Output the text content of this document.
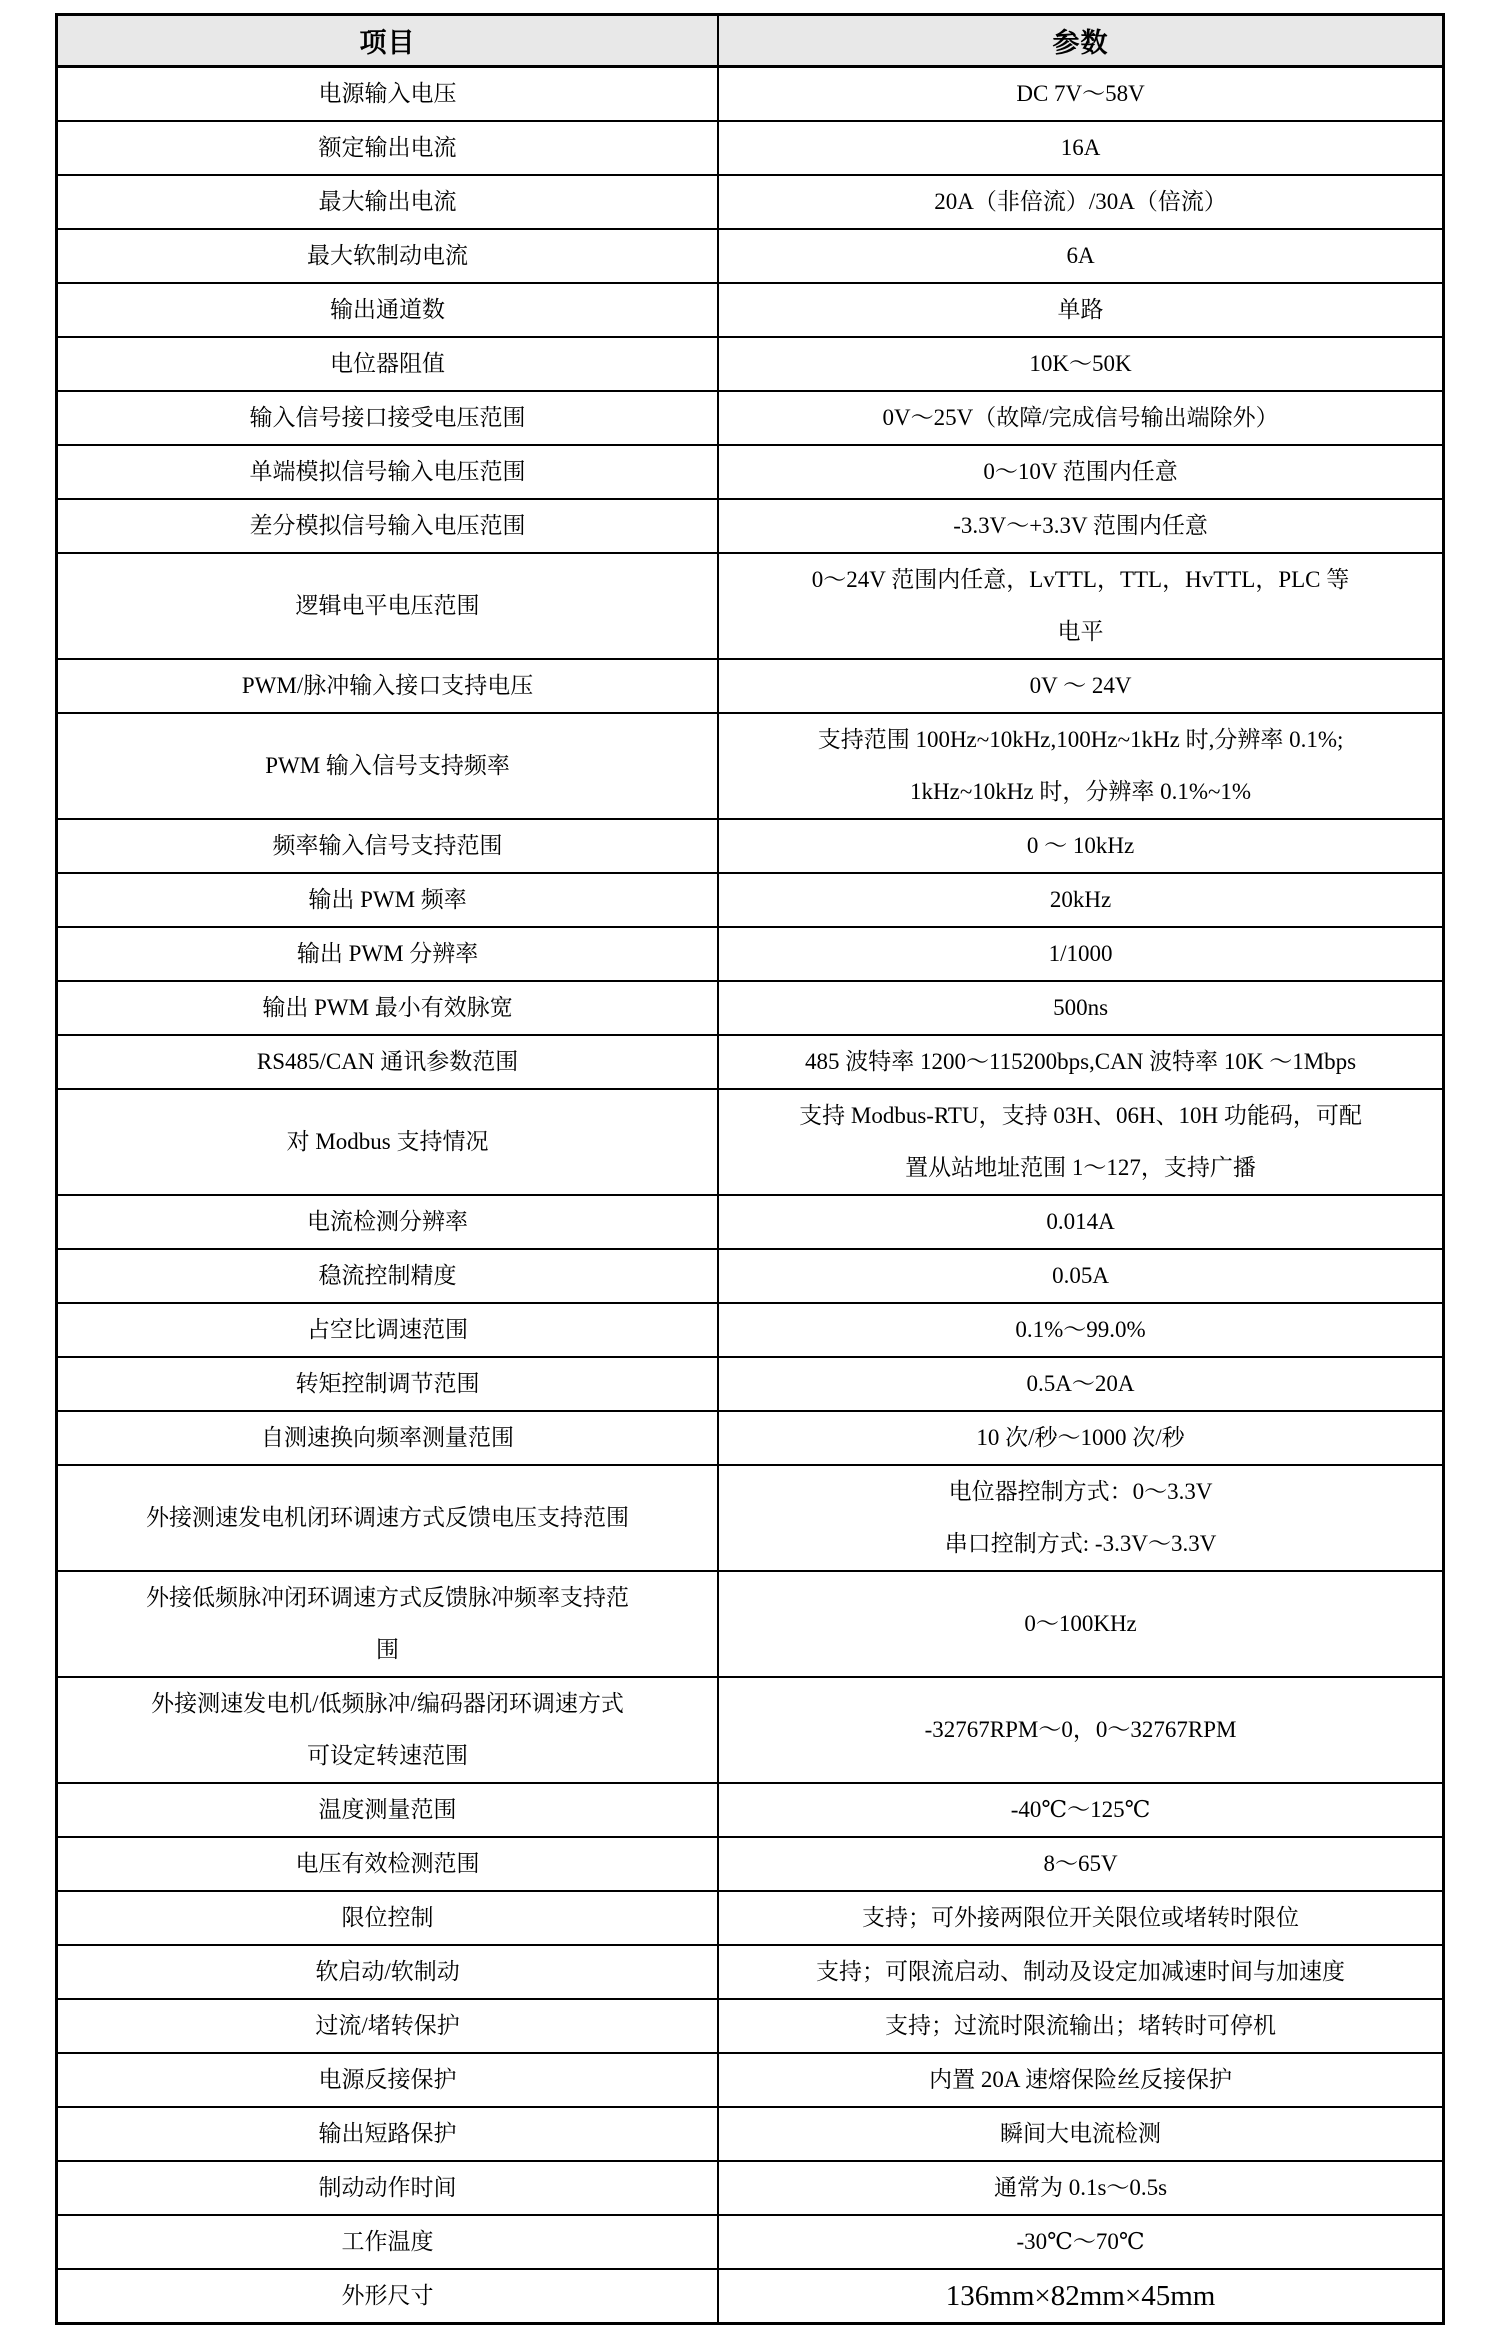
项目	参数

电源输入电压	DC 7V～58V

额定输出电流	16A

最大输出电流	20A（非倍流）/30A（倍流）

最大软制动电流	6A

输出通道数	单路

电位器阻值	10K～50K

输入信号接口接受电压范围	0V～25V（故障/完成信号输出端除外）

单端模拟信号输入电压范围	0～10V 范围内任意

差分模拟信号输入电压范围	-3.3V～+3.3V 范围内任意

逻辑电平电压范围	0～24V 范围内任意，LvTTL，TTL，HvTTL，PLC 等
电平

PWM/脉冲输入接口支持电压	0V ～ 24V

PWM 输入信号支持频率	支持范围 100Hz~10kHz,100Hz~1kHz 时,分辨率 0.1%;
1kHz~10kHz 时，分辨率 0.1%~1%

频率输入信号支持范围	0 ～ 10kHz

输出 PWM 频率	20kHz

输出 PWM 分辨率	1/1000

输出 PWM 最小有效脉宽	500ns

RS485/CAN 通讯参数范围	485 波特率 1200～115200bps,CAN 波特率 10K ～1Mbps

对 Modbus 支持情况	支持 Modbus-RTU，支持 03H、06H、10H 功能码，可配
置从站地址范围 1～127，支持广播

电流检测分辨率	0.014A

稳流控制精度	0.05A

占空比调速范围	0.1%～99.0%

转矩控制调节范围	0.5A～20A

自测速换向频率测量范围	10 次/秒～1000 次/秒

外接测速发电机闭环调速方式反馈电压支持范围	电位器控制方式：0～3.3V
串口控制方式: -3.3V～3.3V

外接低频脉冲闭环调速方式反馈脉冲频率支持范
围	0～100KHz

外接测速发电机/低频脉冲/编码器闭环调速方式
可设定转速范围	-32767RPM～0，0～32767RPM

温度测量范围	-40℃～125℃

电压有效检测范围	8～65V

限位控制	支持；可外接两限位开关限位或堵转时限位

软启动/软制动	支持；可限流启动、制动及设定加减速时间与加速度

过流/堵转保护	支持；过流时限流输出；堵转时可停机

电源反接保护	内置 20A 速熔保险丝反接保护

输出短路保护	瞬间大电流检测

制动动作时间	通常为 0.1s～0.5s

工作温度	-30℃～70℃

外形尺寸	136mm×82mm×45mm
